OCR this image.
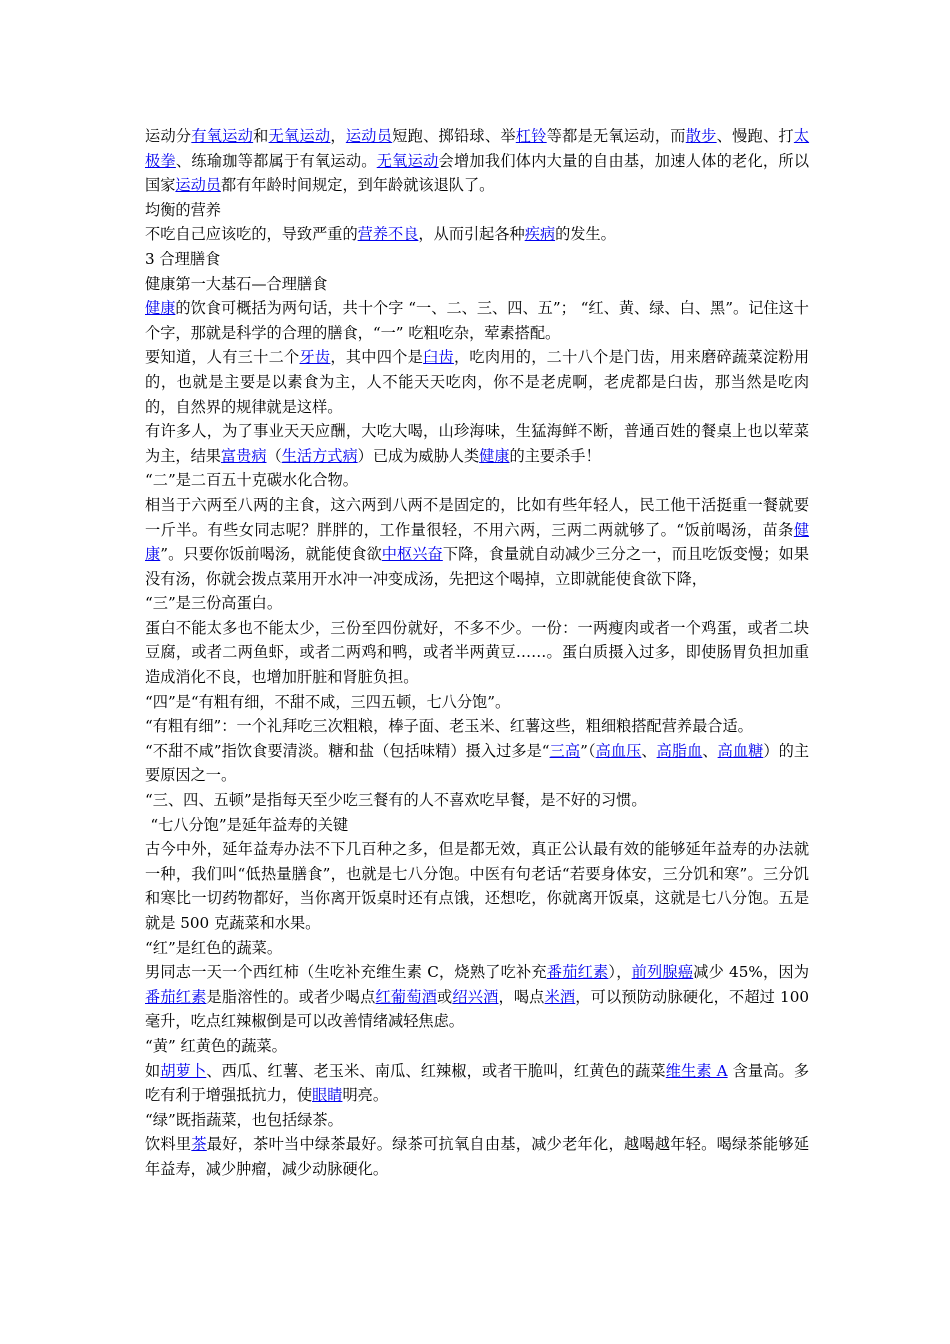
运动分有氧运动和无氧运动，运动员短跑、掷铅球、举杠铃等都是无氧运动，而散步、慢跑、打太极拳、练瑜珈等都属于有氧运动。无氧运动会增加我们体内大量的自由基，加速人体的老化，所以国家运动员都有年龄时间规定，到年龄就该退队了。

均衡的营养

不吃自己应该吃的，导致严重的营养不良，从而引起各种疾病的发生。

3 合理膳食

健康第一大基石—合理膳食

健康的饮食可概括为两句话，共十个字 “一、二、三、四、五”； “红、黄、绿、白、黑”。记住这十个字，那就是科学的合理的膳食，“一” 吃粗吃杂，荤素搭配。

要知道，人有三十二个牙齿，其中四个是臼齿，吃肉用的，二十八个是门齿，用来磨碎蔬菜淀粉用的，也就是主要是以素食为主，人不能天天吃肉，你不是老虎啊，老虎都是臼齿，那当然是吃肉的，自然界的规律就是这样。

有许多人，为了事业天天应酬，大吃大喝，山珍海味，生猛海鲜不断，普通百姓的餐桌上也以荤菜为主，结果富贵病（生活方式病）已成为威胁人类健康的主要杀手！

“二”是二百五十克碳水化合物。

相当于六两至八两的主食，这六两到八两不是固定的，比如有些年轻人，民工他干活挺重一餐就要一斤半。有些女同志呢？胖胖的，工作量很轻，不用六两，三两二两就够了。“饭前喝汤，苗条健康”。只要你饭前喝汤，就能使食欲中枢兴奋下降，食量就自动减少三分之一，而且吃饭变慢；如果没有汤，你就会拨点菜用开水冲一冲变成汤，先把这个喝掉，立即就能使食欲下降，

“三”是三份高蛋白。

蛋白不能太多也不能太少，三份至四份就好，不多不少。一份：一两瘦肉或者一个鸡蛋，或者二块豆腐，或者二两鱼虾，或者二两鸡和鸭，或者半两黄豆……。蛋白质摄入过多，即使肠胃负担加重造成消化不良，也增加肝脏和肾脏负担。

“四”是“有粗有细，不甜不咸，三四五顿，七八分饱”。

“有粗有细”：一个礼拜吃三次粗粮，棒子面、老玉米、红薯这些，粗细粮搭配营养最合适。

“不甜不咸”指饮食要清淡。糖和盐（包括味精）摄入过多是“三高”（高血压、高脂血、高血糖）的主要原因之一。

“三、四、五顿”是指每天至少吃三餐有的人不喜欢吃早餐，是不好的习惯。

“七八分饱”是延年益寿的关键

古今中外，延年益寿办法不下几百种之多，但是都无效，真正公认最有效的能够延年益寿的办法就一种，我们叫“低热量膳食”，也就是七八分饱。中医有句老话“若要身体安，三分饥和寒”。三分饥和寒比一切药物都好，当你离开饭桌时还有点饿，还想吃，你就离开饭桌，这就是七八分饱。五是就是 500 克蔬菜和水果。

“红”是红色的蔬菜。

男同志一天一个西红柿（生吃补充维生素 C，烧熟了吃补充番茄红素），前列腺癌减少 45%，因为番茄红素是脂溶性的。或者少喝点红葡萄酒或绍兴酒，喝点米酒，可以预防动脉硬化，不超过 100 毫升，吃点红辣椒倒是可以改善情绪减轻焦虑。

“黄” 红黄色的蔬菜。

如胡萝卜、西瓜、红薯、老玉米、南瓜、红辣椒，或者干脆叫，红黄色的蔬菜维生素 A 含量高。多吃有利于增强抵抗力，使眼睛明亮。

“绿”既指蔬菜，也包括绿茶。

饮料里茶最好，茶叶当中绿茶最好。绿茶可抗氧自由基，减少老年化，越喝越年轻。喝绿茶能够延年益寿，减少肿瘤，减少动脉硬化。
